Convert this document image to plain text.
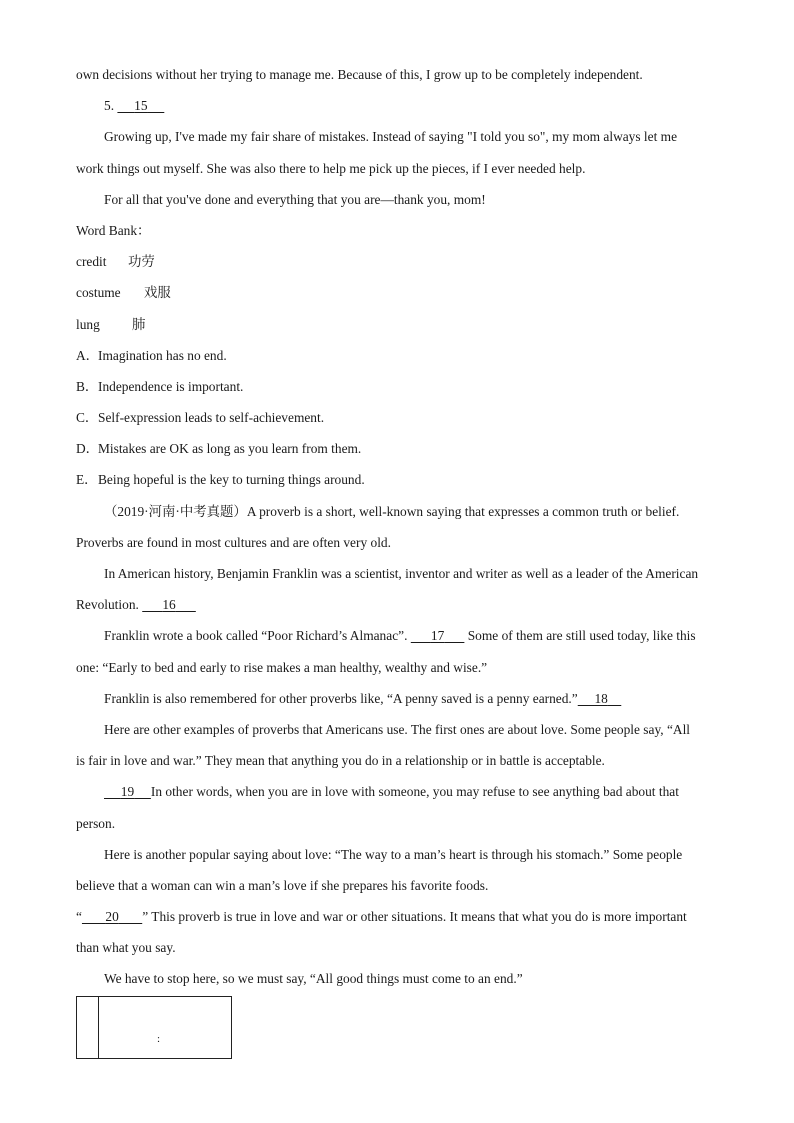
own decisions without her trying to manage me. Because of this, I grow up to be completely independent.
5. 15
Growing up, I've made my fair share of mistakes. Instead of saying "I told you so", my mom always let me
work things out myself. She was also there to help me pick up the pieces, if I ever needed help.
For all that you've done and everything that you are—thank you, mom!
Word Bank：
credit 功劳
costume 戏服
lung 肺
A．Imagination has no end.
B．Independence is important.
C．Self-expression leads to self-achievement.
D．Mistakes are OK as long as you learn from them.
E．Being hopeful is the key to turning things around.
（2019·河南·中考真题）A proverb is a short, well-known saying that expresses a common truth or belief.
Proverbs are found in most cultures and are often very old.
In American history, Benjamin Franklin was a scientist, inventor and writer as well as a leader of the American
Revolution. 16
Franklin wrote a book called “Poor Richard’s Almanac”. 17 Some of them are still used today, like this
one: “Early to bed and early to rise makes a man healthy, wealthy and wise.”
Franklin is also remembered for other proverbs like, “A penny saved is a penny earned.” 18
Here are other examples of proverbs that Americans use. The first ones are about love. Some people say, “All
is fair in love and war.” They mean that anything you do in a relationship or in battle is acceptable.
19 In other words, when you are in love with someone, you may refuse to see anything bad about that
person.
Here is another popular saying about love: “The way to a man’s heart is through his stomach.” Some people
believe that a woman can win a man’s love if she prepares his favorite foods.
“ 20 ” This proverb is true in love and war or other situations. It means that what you do is more important
than what you say.
We have to stop here, so we must say, “All good things must come to an end.”
:
